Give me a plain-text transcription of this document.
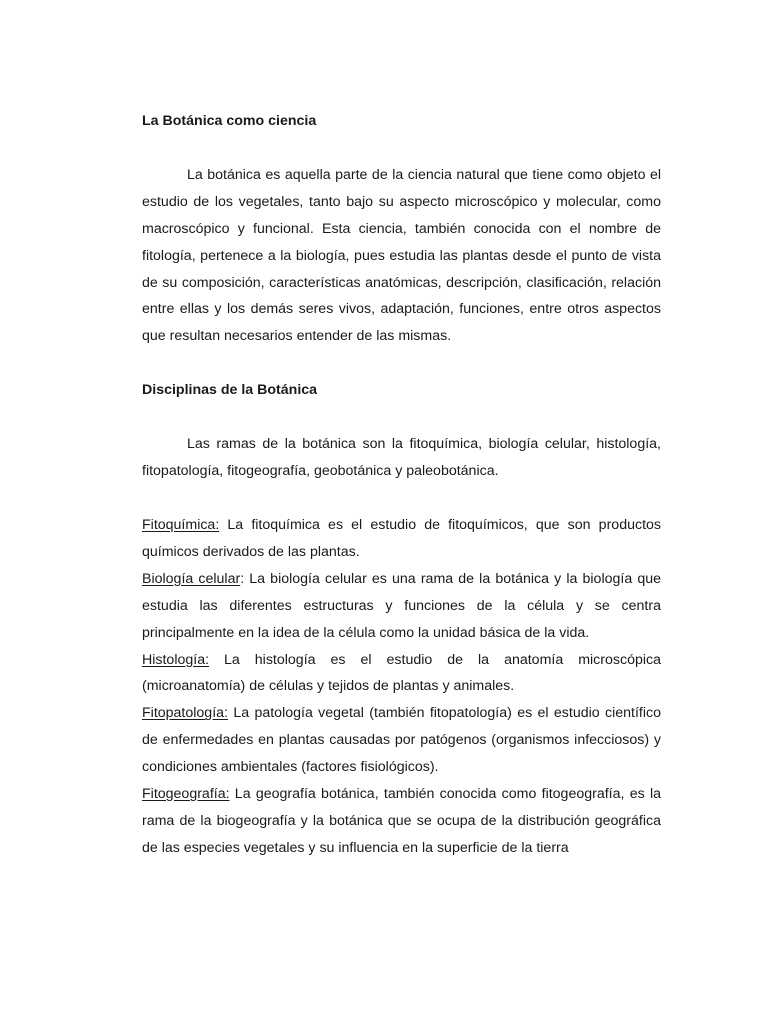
La Botánica como ciencia

La botánica es aquella parte de la ciencia natural que tiene como objeto el estudio de los vegetales, tanto bajo su aspecto microscópico y molecular, como macroscópico y funcional. Esta ciencia, también conocida con el nombre de fitología, pertenece a la biología, pues estudia las plantas desde el punto de vista de su composición, características anatómicas, descripción, clasificación, relación entre ellas y los demás seres vivos, adaptación, funciones, entre otros aspectos que resultan necesarios entender de las mismas.

Disciplinas de la Botánica

Las ramas de la botánica son la fitoquímica, biología celular, histología, fitopatología, fitogeografía, geobotánica y paleobotánica.

Fitoquímica: La fitoquímica es el estudio de fitoquímicos, que son productos químicos derivados de las plantas.

Biología celular: La biología celular es una rama de la botánica y la biología que estudia las diferentes estructuras y funciones de la célula y se centra principalmente en la idea de la célula como la unidad básica de la vida.

Histología: La histología es el estudio de la anatomía microscópica (microanatomía) de células y tejidos de plantas y animales.

Fitopatología: La patología vegetal (también fitopatología) es el estudio científico de enfermedades en plantas causadas por patógenos (organismos infecciosos) y condiciones ambientales (factores fisiológicos).

Fitogeografía: La geografía botánica, también conocida como fitogeografía, es la rama de la biogeografía y la botánica que se ocupa de la distribución geográfica de las especies vegetales y su influencia en la superficie de la tierra
